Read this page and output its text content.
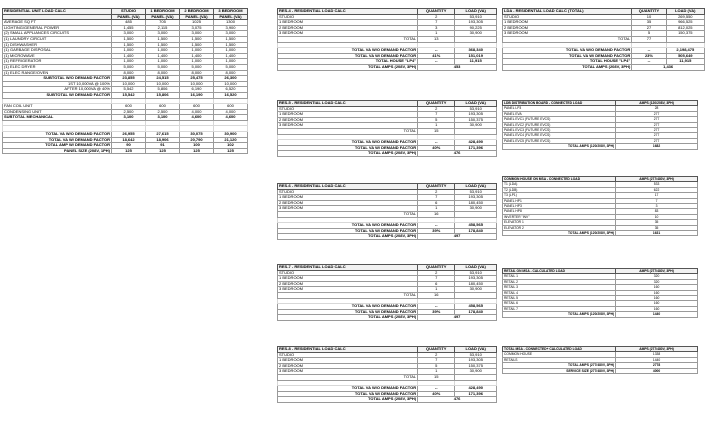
RESIDENTIAL UNIT LOAD CALC	STUDIO	1 BEDROOM	2 BEDROOM	3 BEDROOM
	PANEL (VA)	PANEL (VA)	PANEL (VA)	PANEL (VA)
AVERAGE SQ FT	485	705	1025	1300
LIGHTING/GENERAL POWER	1,455	2,115	3,075	3,900
(2) SMALL APPLIANCES CIRCUITS	3,000	3,000	3,000	3,000
(1) LAUNDRY CIRCUIT	1,500	1,500	1,500	1,500
(1) DISHWASHER	1,500	1,500	1,500	1,500
(1) GARBAGE DISPOSAL	1,000	1,000	1,000	1,000
(1) MICROWAVE	1,400	1,400	1,400	1,400
(1) REFRIGERATOR	1,000	1,000	1,000	1,000
(1) ELEC DRYER	5,000	5,000	5,000	5,000
(1) ELEC RANGE/OVEN	8,000	8,000	8,000	8,000
SUBTOTAL W/O DEMAND FACTOR	23,855	24,515	25,475	26,300
1ST 10,000VA @ 100%	10,000	10,000	10,000	10,000
AFTER 10,000VA @ 40%	5,542	5,806	6,190	6,520
SUBTOTAL W/ DEMAND FACTOR	15,542	15,806	16,190	16,520

FAN COIL UNIT	600	600	600	600
CONDENSING UNIT	2,500	2,500	4,000	4,000
SUBTOTAL MECHANICAL	3,100	3,100	4,600	4,600

TOTAL VA W/O DEMAND FACTOR	26,955	27,615	30,075	30,900
TOTAL VA W/ DEMAND FACTOR	18,642	18,906	20,790	21,120
TOTAL AMP W/ DEMAND FACTOR	90	91	100	102
PANEL SIZE (208V, 1PH)	125	125	125	125
RES-4 - RESIDENTIAL LOAD CALC	QUANTITY	LOAD (VA)
STUDIO	2	53,910
1 BEDROOM	7	193,305
2 BEDROOM	3	90,225
3 BEDROOM	1	30,900
TOTAL	13	

TOTAL VA W/O DEMAND FACTOR	--	368,340
TOTAL VA W/ DEMAND FACTOR	41%	151,019
TOTAL HOUSE "LP4"	--	11,915
TOTAL AMPS (208V, 3PH)	453	
RES-5 - RESIDENTIAL LOAD CALC	QUANTITY	LOAD (VA)
STUDIO	2	53,910
1 BEDROOM	7	193,305
2 BEDROOM	5	150,375
3 BEDROOM	1	30,900
TOTAL	15	

TOTAL VA W/O DEMAND FACTOR	--	428,490
TOTAL VA W/ DEMAND FACTOR	40%	171,396
TOTAL AMPS (208V, 3PH)	476	
RES-6 - RESIDENTIAL LOAD CALC	QUANTITY	LOAD (VA)
STUDIO	2	53,910
1 BEDROOM	7	193,305
2 BEDROOM	6	180,450
3 BEDROOM	1	30,900
TOTAL	16	

TOTAL VA W/O DEMAND FACTOR	--	458,565
TOTAL VA W/ DEMAND FACTOR	39%	178,840
TOTAL AMPS (208V, 3PH)	497	
RES-7 - RESIDENTIAL LOAD CALC	QUANTITY	LOAD (VA)
STUDIO	2	53,910
1 BEDROOM	7	193,305
2 BEDROOM	6	180,450
3 BEDROOM	1	30,900
TOTAL	16	

TOTAL VA W/O DEMAND FACTOR	--	458,565
TOTAL VA W/ DEMAND FACTOR	39%	178,840
TOTAL AMPS (208V, 3PH)	497	
RES-8 - RESIDENTIAL LOAD CALC	QUANTITY	LOAD (VA)
STUDIO	2	53,910
1 BEDROOM	7	193,305
2 BEDROOM	5	150,375
3 BEDROOM	1	30,900
TOTAL	15	

TOTAL VA W/O DEMAND FACTOR	--	428,490
TOTAL VA W/ DEMAND FACTOR	40%	171,396
TOTAL AMPS (208V, 3PH)	476	
LDA - RESIDENTIAL LOAD CALC (TOTAL)	QUANTITY	LOAD (VA)
STUDIO	10	269,550
1 BEDROOM	35	966,525
2 BEDROOM	27	812,025
3 BEDROOM	5	150,375
TOTAL	77	

TOTAL VA W/O DEMAND FACTOR	--	2,198,475
TOTAL VA W/ DEMAND FACTOR	23%	505,649
TOTAL HOUSE "LP4"	--	11,915
TOTAL AMPS (208V, 3PH)	1,436	
LDB DISTRIBUTION BOARD - CONNECTED LOAD	AMPS (120/208V, 3PH)
PANEL LP3	28
PANEL EVA	277
PANEL EVC1 (FUTURE EVCS)	277
PANEL EVC2 (FUTURE EVCS)	277
PANEL EVC3 (FUTURE EVCS)	277
PANEL EVC4 (FUTURE EVCS)	277
PANEL EVC5 (FUTURE EVCS)	277
TOTAL AMPS (120/208V, 3PH)	1682
COMMON HOUSE ON MSA - CONNECTED LOAD	AMPS (277/480V, 3PH)
T1 (LDA)	533
T2 (LDB)	622
T3 (LP1)	17
PANEL HP1	7
PANEL HP3	3
PANEL HP8	83
INVERTER "INV"	10
ELEVATOR 1	35
ELEVATOR 2	35
TOTAL AMPS (120/208V, 3PH)	1631
RETAIL ON MSA - CALCULATED LOAD	AMPS (277/480V, 3PH)
RETAIL 1	320
RETAIL 2	320
RETAIL 3	160
RETAIL 4	160
RETAIL 5	160
RETAIL 6	160
RETAIL 7	160
TOTAL AMPS (120/208V, 3PH)	1440
TOTAL MSA - CONNECTED+ CALCULATED LOAD	AMPS (277/480V, 3PH)
COMMON HOUSE	1338
RETAILS	1440
TOTAL AMPS (277/480V, 3PH)	2778
SERVICE SIZE (277/480V, 3PH)	4000
